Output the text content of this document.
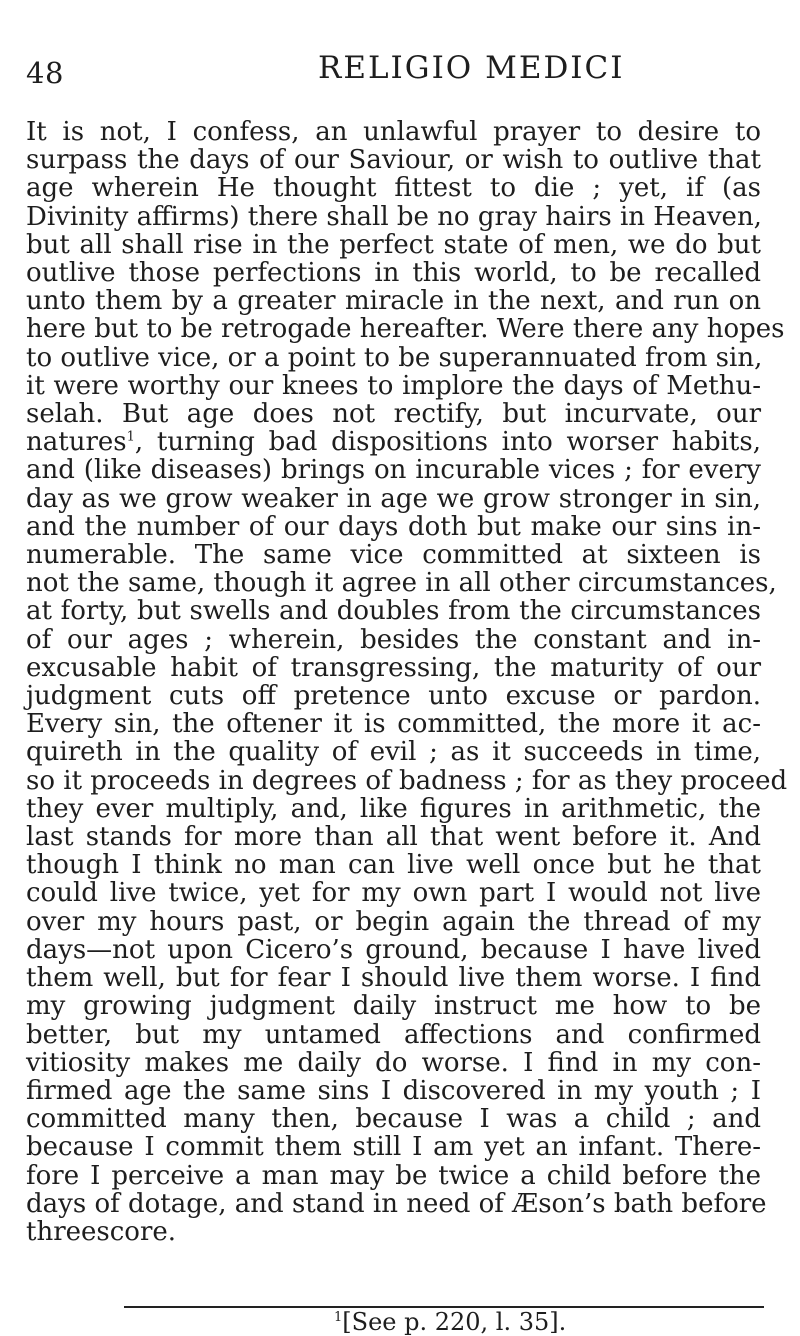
48	RELIGIO MEDICI
It is not, I confess, an unlawful prayer to desire to
surpass the days of our Saviour, or wish to outlive that
age wherein He thought fittest to die ; yet, if (as
Divinity affirms) there shall be no gray hairs in Heaven,
but all shall rise in the perfect state of men, we do but
outlive those perfections in this world, to be recalled
unto them by a greater miracle in the next, and run on
here but to be retrogade hereafter. Were there any hopes
to outlive vice, or a point to be superannuated from sin,
it were worthy our knees to implore the days of Methu-
selah. But age does not rectify, but incurvate, our
natures$^1$, turning bad dispositions into worser habits,
and (like diseases) brings on incurable vices ; for every
day as we grow weaker in age we grow stronger in sin,
and the number of our days doth but make our sins in-
numerable. The same vice committed at sixteen is
not the same, though it agree in all other circumstances,
at forty, but swells and doubles from the circumstances
of our ages ; wherein, besides the constant and in-
excusable habit of transgressing, the maturity of our
judgment cuts off pretence unto excuse or pardon.
Every sin, the oftener it is committed, the more it ac-
quireth in the quality of evil ; as it succeeds in time,
so it proceeds in degrees of badness ; for as they proceed
they ever multiply, and, like figures in arithmetic, the
last stands for more than all that went before it. And
though I think no man can live well once but he that
could live twice, yet for my own part I would not live
over my hours past, or begin again the thread of my
days—not upon Cicero’s ground, because I have lived
them well, but for fear I should live them worse. I find
my growing judgment daily instruct me how to be
better, but my untamed affections and confirmed
vitiosity makes me daily do worse. I find in my con-
firmed age the same sins I discovered in my youth ; I
committed many then, because I was a child ; and
because I commit them still I am yet an infant. There-
fore I perceive a man may be twice a child before the
days of dotage, and stand in need of Æson’s bath before
threescore.
$^1$[See p. 220, l. 35].
